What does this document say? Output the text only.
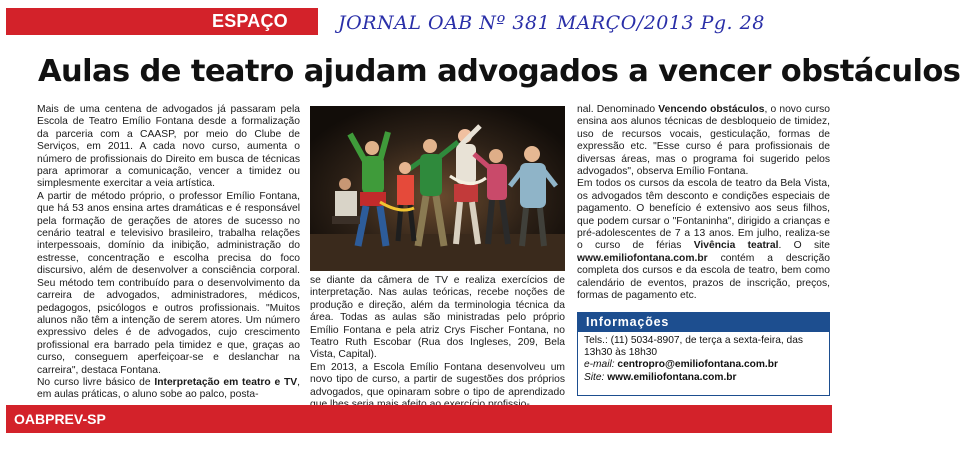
ESPAÇO CAASP
JORNAL OAB Nº 381 MARÇO/2013 Pg. 28
Aulas de teatro ajudam advogados a vencer obstáculos

Mais de uma centena de advogados já passaram pela Escola de Teatro Emílio Fontana desde a formalização da parceria com a CAASP, por meio do Clube de Serviços, em 2011. A cada novo curso, aumenta o número de profissionais do Direito em busca de técnicas para aprimorar a comunicação, vencer a timidez ou simplesmente exercitar a veia artística.

A partir de método próprio, o professor Emílio Fontana, que há 53 anos ensina artes dramáticas e é responsável pela formação de gerações de atores de sucesso no cenário teatral e televisivo brasileiro, trabalha relações interpessoais, domínio da inibição, administração do estresse, concentração e escolha precisa do foco discursivo, além de desenvolver a consciência corporal. Seu método tem contribuído para o desenvolvimento da carreira de advogados, administradores, médicos, pedagogos, psicólogos e outros profissionais. "Muitos alunos não têm a intenção de serem atores. Um número expressivo deles é de advogados, cujo crescimento profissional era barrado pela timidez e que, graças ao curso, conseguem aperfeiçoar-se e deslanchar na carreira", destaca Fontana.

No curso livre básico de Interpretação em teatro e TV, em aulas práticas, o aluno sobe ao palco, posta-

se diante da câmera de TV e realiza exercícios de interpretação. Nas aulas teóricas, recebe noções de produção e direção, além da terminologia técnica da área. Todas as aulas são ministradas pelo próprio Emílio Fontana e pela atriz Crys Fischer Fontana, no Teatro Ruth Escobar (Rua dos Ingleses, 209, Bela Vista, Capital).

Em 2013, a Escola Emílio Fontana desenvolveu um novo tipo de curso, a partir de sugestões dos próprios advogados, que opinaram sobre o tipo de aprendizado

nal. Denominado Vencendo obstáculos, o novo curso ensina aos alunos técnicas de desbloqueio de timidez, uso de recursos vocais, gesticulação, formas de expressão etc. "Esse curso é para profissionais de diversas áreas, mas o programa foi sugerido pelos advogados", observa Emílio Fontana.

Em todos os cursos da escola de teatro da Bela Vista, os advogados têm desconto e condições especiais de pagamento. O benefício é extensivo aos seus filhos, que podem cursar o "Fontaninha", dirigido a crianças e pré-adolescentes de 7 a 13 anos. Em julho, realiza-se o curso de férias Vivência teatral. O site www.emiliofontana.com.br contém a descrição completa dos cursos e da escola de teatro, bem como calendário de eventos, prazos de inscrição, preços, formas de pagamento etc.

Informações
Tels.: (11) 5034-8907, de terça a sexta-feira, das 13h30 às 18h30
e-mail: centropro@emiliofontana.com.br
Site: www.emiliofontana.com.br
OABPREV-SP
